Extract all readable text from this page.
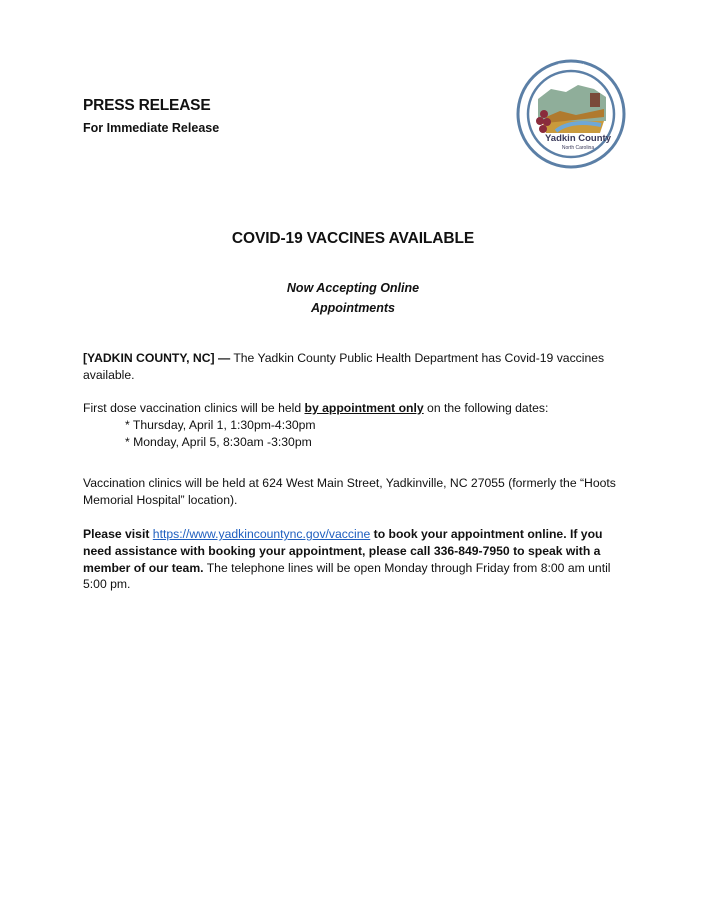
PRESS RELEASE
For Immediate Release
Yadkin County
North Carolina
Established
1850
COVID-19 VACCINES AVAILABLE
Now Accepting Online
Appointments
[YADKIN COUNTY, NC] — The Yadkin County Public Health Department has Covid-19 vaccines available.
First dose vaccination clinics will be held by appointment only on the following dates:
* Thursday, April 1, 1:30pm-4:30pm
* Monday, April 5, 8:30am -3:30pm
Vaccination clinics will be held at 624 West Main Street, Yadkinville, NC 27055 (formerly the “Hoots Memorial Hospital” location).
Please visit https://www.yadkincountync.gov/vaccine to book your appointment online. If you need assistance with booking your appointment, please call 336-849-7950 to speak with a member of our team. The telephone lines will be open Monday through Friday from 8:00 am until 5:00 pm.
